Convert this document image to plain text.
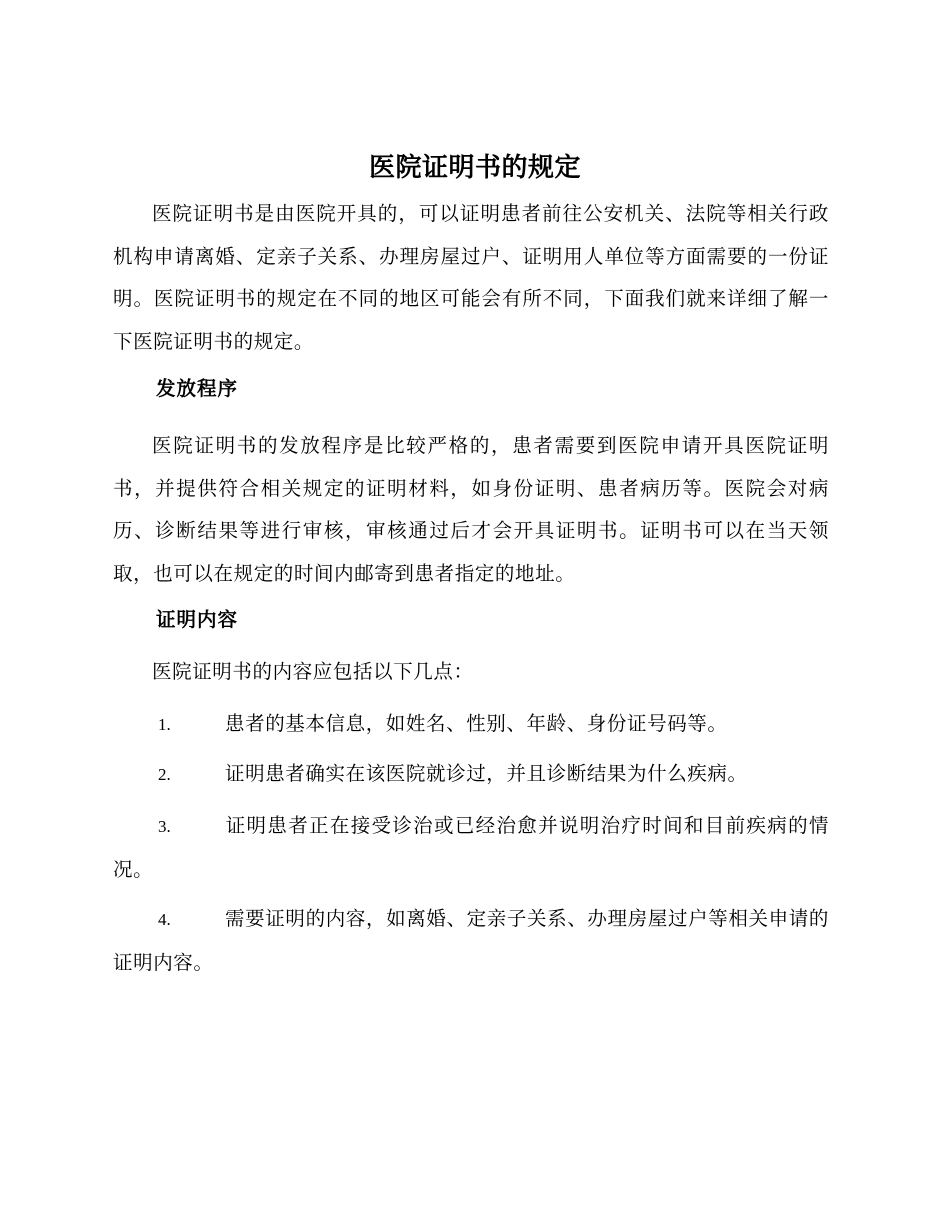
医院证明书的规定

医院证明书是由医院开具的，可以证明患者前往公安机关、法院等相关行政机构申请离婚、定亲子关系、办理房屋过户、证明用人单位等方面需要的一份证明。医院证明书的规定在不同的地区可能会有所不同，下面我们就来详细了解一下医院证明书的规定。

发放程序

医院证明书的发放程序是比较严格的，患者需要到医院申请开具医院证明书，并提供符合相关规定的证明材料，如身份证明、患者病历等。医院会对病历、诊断结果等进行审核，审核通过后才会开具证明书。证明书可以在当天领取，也可以在规定的时间内邮寄到患者指定的地址。

证明内容

医院证明书的内容应包括以下几点：

1.	患者的基本信息，如姓名、性别、年龄、身份证号码等。

2.	证明患者确实在该医院就诊过，并且诊断结果为什么疾病。

3.	证明患者正在接受诊治或已经治愈并说明治疗时间和目前疾病的情况。

4.	需要证明的内容，如离婚、定亲子关系、办理房屋过户等相关申请的证明内容。
